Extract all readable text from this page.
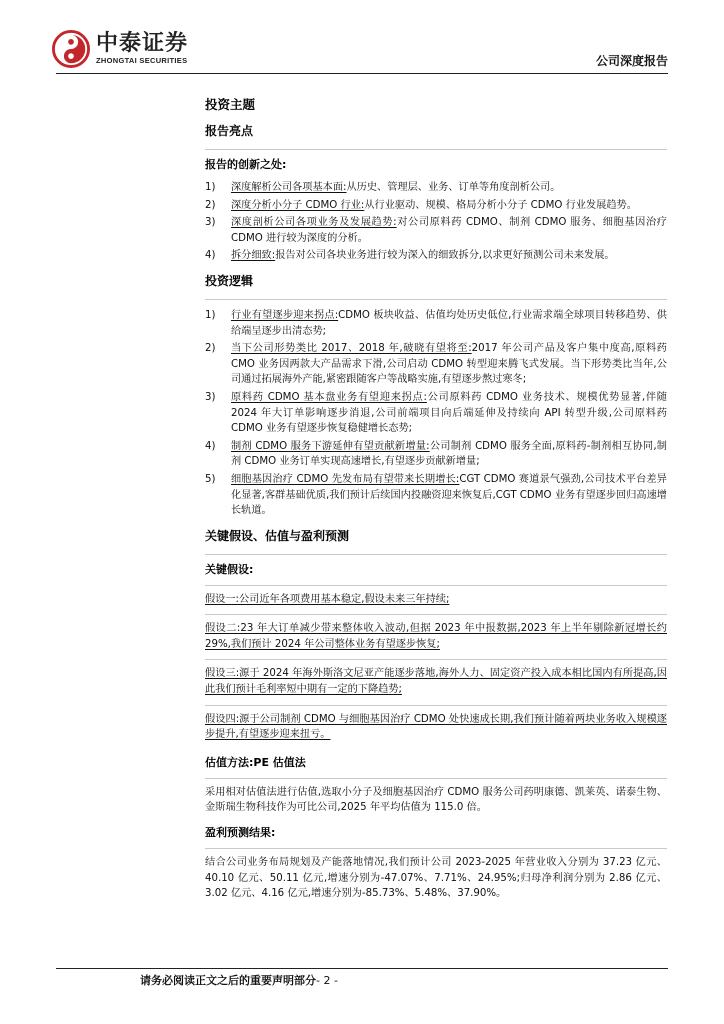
中泰证券
ZHONGTAI SECURITIES	公司深度报告
投资主题
报告亮点
报告的创新之处:
1)	深度解析公司各项基本面:从历史、管理层、业务、订单等角度剖析公司。
2)	深度分析小分子 CDMO 行业:从行业驱动、规模、格局分析小分子 CDMO 行业发展趋势。
3)	深度剖析公司各项业务及发展趋势:对公司原料药 CDMO、制剂 CDMO 服务、细胞基因治疗 CDMO 进行较为深度的分析。
4)	拆分细致:报告对公司各块业务进行较为深入的细致拆分,以求更好预测公司未来发展。
投资逻辑
1)	行业有望逐步迎来拐点:CDMO 板块收益、估值均处历史低位,行业需求端全球项目转移趋势、供给端呈逐步出清态势;
2)	当下公司形势类比 2017、2018 年,破晓有望将至:2017 年公司产品及客户集中度高,原料药 CMO 业务因两款大产品需求下滑,公司启动 CDMO 转型迎来腾飞式发展。当下形势类比当年,公司通过拓展海外产能,紧密跟随客户等战略实施,有望逐步熬过寒冬;
3)	原料药 CDMO 基本盘业务有望迎来拐点:公司原料药 CDMO 业务技术、规模优势显著,伴随 2024 年大订单影响逐步消退,公司前端项目向后端延伸及持续向 API 转型升级,公司原料药 CDMO 业务有望逐步恢复稳健增长态势;
4)	制剂 CDMO 服务下游延伸有望贡献新增量:公司制剂 CDMO 服务全面,原料药-制剂相互协同,制剂 CDMO 业务订单实现高速增长,有望逐步贡献新增量;
5)	细胞基因治疗 CDMO 先发布局有望带来长期增长:CGT CDMO 赛道景气强劲,公司技术平台差异化显著,客群基础优质,我们预计后续国内投融资迎来恢复后,CGT CDMO 业务有望逐步回归高速增长轨道。
关键假设、估值与盈利预测
关键假设:

假设一:公司近年各项费用基本稳定,假设未来三年持续;

假设二:23 年大订单减少带来整体收入波动,但据 2023 年中报数据,2023 年上半年剔除新冠增长约 29%,我们预计 2024 年公司整体业务有望逐步恢复;

假设三:源于 2024 年海外斯洛文尼亚产能逐步落地,海外人力、固定资产投入成本相比国内有所提高,因此我们预计毛利率短中期有一定的下降趋势;

假设四:源于公司制剂 CDMO 与细胞基因治疗 CDMO 处快速成长期,我们预计随着两块业务收入规模逐步提升,有望逐步迎来扭亏。

估值方法:PE 估值法

采用相对估值法进行估值,选取小分子及细胞基因治疗 CDMO 服务公司药明康德、凯莱英、诺泰生物、金斯瑞生物科技作为可比公司,2025 年平均估值为 115.0 倍。

盈利预测结果:

结合公司业务布局规划及产能落地情况,我们预计公司 2023-2025 年营业收入分别为 37.23 亿元、40.10 亿元、50.11 亿元,增速分别为-47.07%、7.71%、24.95%;归母净利润分别为 2.86 亿元、3.02 亿元、4.16 亿元,增速分别为-85.73%、5.48%、37.90%。

请务必阅读正文之后的重要声明部分- 2 -
